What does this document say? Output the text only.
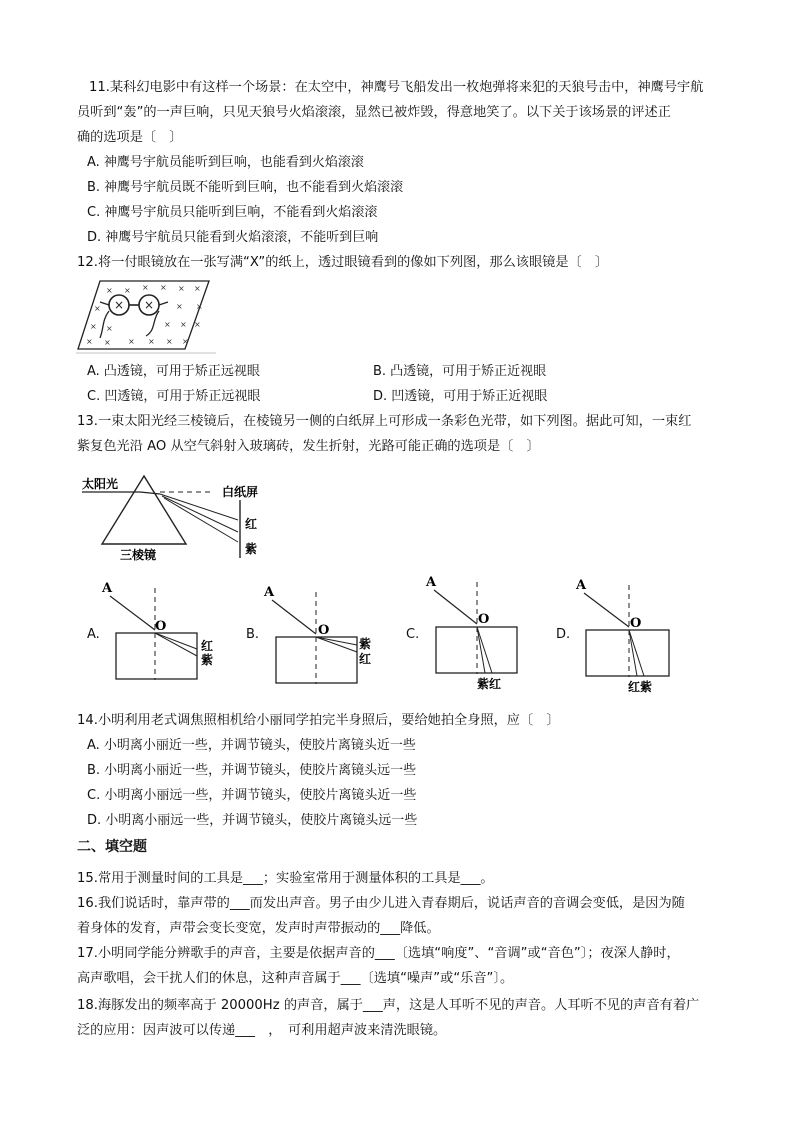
11.某科幻电影中有这样一个场景：在太空中，神鹰号飞船发出一枚炮弹将来犯的天狼号击中，神鹰号宇航
员听到“轰”的一声巨响，只见天狼号火焰滚滚，显然已被炸毁，得意地笑了。以下关于该场景的评述正
确的选项是〔　〕
A. 神鹰号宇航员能听到巨响，也能看到火焰滚滚
B. 神鹰号宇航员既不能听到巨响，也不能看到火焰滚滚
C. 神鹰号宇航员只能听到巨响，不能看到火焰滚滚
D. 神鹰号宇航员只能看到火焰滚滚，不能听到巨响
12.将一付眼镜放在一张写满“X”的纸上，透过眼镜看到的像如下列图，那么该眼镜是〔　〕
× × × × × ×
×	× ×
× ×	× × ×
× × × × × ×
× ×
A. 凸透镜，可用于矫正远视眼	B. 凸透镜，可用于矫正近视眼
C. 凹透镜，可用于矫正远视眼	D. 凹透镜，可用于矫正近视眼
13.一束太阳光经三棱镜后，在棱镜另一侧的白纸屏上可形成一条彩色光带，如下列图。据此可知，一束红
紫复色光沿 AO 从空气斜射入玻璃砖，发生折射，光路可能正确的选项是〔　〕
太阳光
白纸屏
红
紫
三棱镜
A.
A
O
红
紫
B.
A
O
紫
红
C.
A
O
紫红
D.
A
O
红紫
14.小明利用老式调焦照相机给小丽同学拍完半身照后，要给她拍全身照，应〔　〕
A. 小明离小丽近一些，并调节镜头，使胶片离镜头近一些
B. 小明离小丽近一些，并调节镜头，使胶片离镜头远一些
C. 小明离小丽远一些，并调节镜头，使胶片离镜头近一些
D. 小明离小丽远一些，并调节镜头，使胶片离镜头远一些
二、填空题
15.常用于测量时间的工具是___；实验室常用于测量体积的工具是___。
16.我们说话时，靠声带的___而发出声音。男子由少儿进入青春期后，说话声音的音调会变低，是因为随
着身体的发育，声带会变长变宽，发声时声带振动的___降低。
17.小明同学能分辨歌手的声音，主要是依据声音的___〔选填“响度”、“音调”或“音色”〕；夜深人静时，
高声歌唱，会干扰人们的休息，这种声音属于___〔选填“噪声”或“乐音”〕。
18.海豚发出的频率高于 20000Hz 的声音，属于___声，这是人耳听不见的声音。人耳听不见的声音有着广
泛的应用：因声波可以传递___　，　可利用超声波来清洗眼镜。
